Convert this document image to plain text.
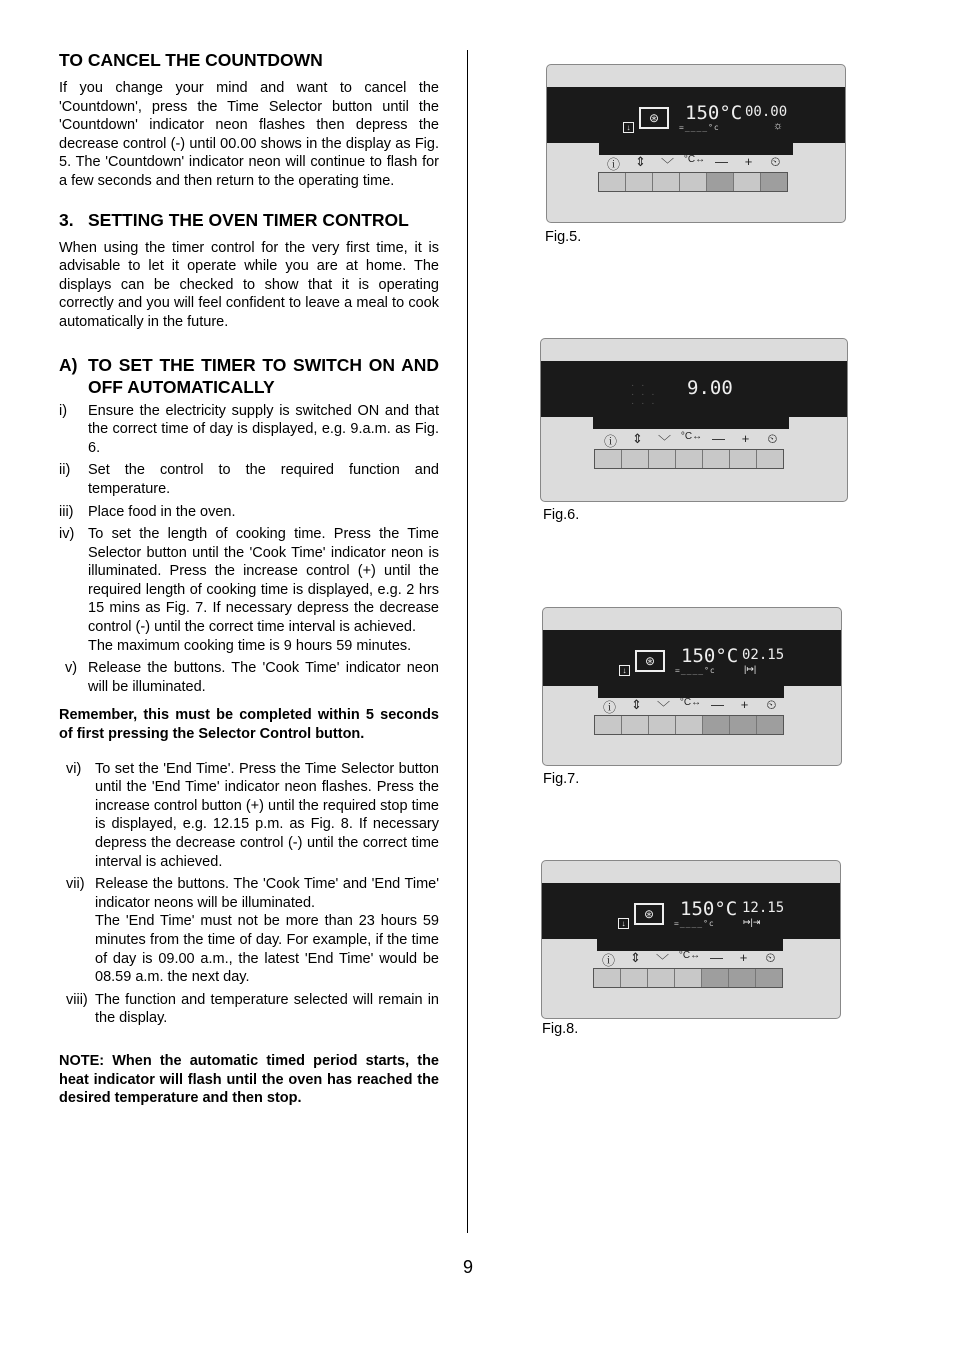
TO CANCEL THE COUNTDOWN
If you change your mind and want to cancel the 'Countdown', press the Time Selector button until the 'Countdown' indicator neon flashes then depress the decrease control (-) until 00.00 shows in the display as Fig. 5. The 'Countdown' indicator neon will continue to flash for a few seconds and then return to the operating time.
3. SETTING THE OVEN TIMER CONTROL
When using the timer control for the very first time, it is advisable to let it operate while you are at home. The displays can be checked to show that it is operating correctly and you will feel confident to leave a meal to cook automatically in the future.
A) TO SET THE TIMER TO SWITCH ON AND OFF AUTOMATICALLY
i)	Ensure the electricity supply is switched ON and that the correct time of day is displayed, e.g. 9.a.m. as Fig. 6.
ii)	Set the control to the required function and temperature.
iii)	Place food in the oven.
iv) To set the length of cooking time. Press the Time Selector button until the 'Cook Time' indicator neon is illuminated. Press the increase control (+) until the required length of cooking time is displayed, e.g. 2 hrs 15 mins as Fig. 7. If necessary depress the decrease control (-) until the correct time interval is achieved.
The maximum cooking time is 9 hours 59 minutes.
v) Release the buttons. The 'Cook Time' indicator neon will be illuminated.
Remember, this must be completed within 5 seconds of first pressing the Selector Control button.
vi) To set the 'End Time'. Press the Time Selector button until the 'End Time' indicator neon flashes. Press the increase control button (+) until the required stop time is displayed, e.g. 12.15 p.m. as Fig. 8. If necessary depress the decrease control (-) until the correct time interval is achieved.
vii) Release the buttons. The 'Cook Time' and 'End Time' indicator neons will be illuminated.
The 'End Time' must not be more than 23 hours 59 minutes from the time of day. For example, if the time of day is 09.00 a.m., the latest 'End Time' would be 08.59 a.m. the next day.
viii) The function and temperature selected will remain in the display.
NOTE: When the automatic timed period starts, the heat indicator will flash until the oven has reached the desired temperature and then stop.
↓
⊛	150°C
=____°c
00.00
☼
ⓘ	⇕	﹀ °C↔ —	+	⏲
Fig.5.
· ·
· · ·
· · ·
9.00
ⓘ	⇕	﹀ °C↔ —	+	⏲
Fig.6.
↓
⊛	150°C
=____°c
02.15
|↦|
ⓘ	⇕	﹀ °C↔ —	+	⏲
Fig.7.
↓
⊛	150°C
=____°c
12.15
↦|⇥
ⓘ	⇕	﹀ °C↔ —	+	⏲
Fig.8.
9
